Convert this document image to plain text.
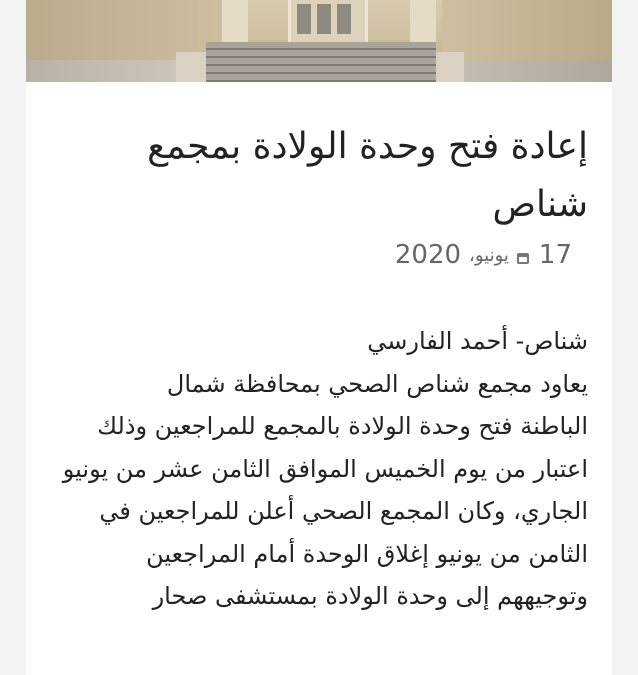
إعادة فتح وحدة الولادة بمجمع شناص
17
يونيو،
2020

شناص- أحمد الفارسي

يعاود مجمع شناص الصحي بمحافظة شمال

الباطنة فتح وحدة الولادة بالمجمع للمراجعين وذلك

اعتبار من يوم الخميس الموافق الثامن عشر من يونيو

الجاري، وكان المجمع الصحي أعلن للمراجعين في

الثامن من يونيو إغلاق الوحدة أمام المراجعين

وتوجيههم إلى وحدة الولادة بمستشفى صحار
